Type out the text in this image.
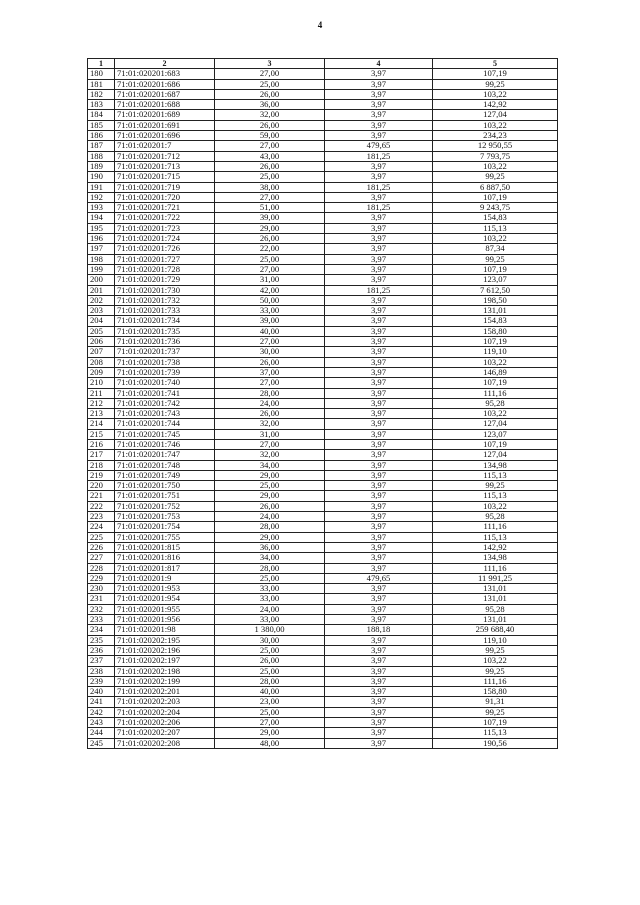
4
1	2	3	4	5
180	71:01:020201:683	27,00	3,97	107,19
181	71:01:020201:686	25,00	3,97	99,25
182	71:01:020201:687	26,00	3,97	103,22
183	71:01:020201:688	36,00	3,97	142,92
184	71:01:020201:689	32,00	3,97	127,04
185	71:01:020201:691	26,00	3,97	103,22
186	71:01:020201:696	59,00	3,97	234,23
187	71:01:020201:7	27,00	479,65	12 950,55
188	71:01:020201:712	43,00	181,25	7 793,75
189	71:01:020201:713	26,00	3,97	103,22
190	71:01:020201:715	25,00	3,97	99,25
191	71:01:020201:719	38,00	181,25	6 887,50
192	71:01:020201:720	27,00	3,97	107,19
193	71:01:020201:721	51,00	181,25	9 243,75
194	71:01:020201:722	39,00	3,97	154,83
195	71:01:020201:723	29,00	3,97	115,13
196	71:01:020201:724	26,00	3,97	103,22
197	71:01:020201:726	22,00	3,97	87,34
198	71:01:020201:727	25,00	3,97	99,25
199	71:01:020201:728	27,00	3,97	107,19
200	71:01:020201:729	31,00	3,97	123,07
201	71:01:020201:730	42,00	181,25	7 612,50
202	71:01:020201:732	50,00	3,97	198,50
203	71:01:020201:733	33,00	3,97	131,01
204	71:01:020201:734	39,00	3,97	154,83
205	71:01:020201:735	40,00	3,97	158,80
206	71:01:020201:736	27,00	3,97	107,19
207	71:01:020201:737	30,00	3,97	119,10
208	71:01:020201:738	26,00	3,97	103,22
209	71:01:020201:739	37,00	3,97	146,89
210	71:01:020201:740	27,00	3,97	107,19
211	71:01:020201:741	28,00	3,97	111,16
212	71:01:020201:742	24,00	3,97	95,28
213	71:01:020201:743	26,00	3,97	103,22
214	71:01:020201:744	32,00	3,97	127,04
215	71:01:020201:745	31,00	3,97	123,07
216	71:01:020201:746	27,00	3,97	107,19
217	71:01:020201:747	32,00	3,97	127,04
218	71:01:020201:748	34,00	3,97	134,98
219	71:01:020201:749	29,00	3,97	115,13
220	71:01:020201:750	25,00	3,97	99,25
221	71:01:020201:751	29,00	3,97	115,13
222	71:01:020201:752	26,00	3,97	103,22
223	71:01:020201:753	24,00	3,97	95,28
224	71:01:020201:754	28,00	3,97	111,16
225	71:01:020201:755	29,00	3,97	115,13
226	71:01:020201:815	36,00	3,97	142,92
227	71:01:020201:816	34,00	3,97	134,98
228	71:01:020201:817	28,00	3,97	111,16
229	71:01:020201:9	25,00	479,65	11 991,25
230	71:01:020201:953	33,00	3,97	131,01
231	71:01:020201:954	33,00	3,97	131,01
232	71:01:020201:955	24,00	3,97	95,28
233	71:01:020201:956	33,00	3,97	131,01
234	71:01:020201:98	1 380,00	188,18	259 688,40
235	71:01:020202:195	30,00	3,97	119,10
236	71:01:020202:196	25,00	3,97	99,25
237	71:01:020202:197	26,00	3,97	103,22
238	71:01:020202:198	25,00	3,97	99,25
239	71:01:020202:199	28,00	3,97	111,16
240	71:01:020202:201	40,00	3,97	158,80
241	71:01:020202:203	23,00	3,97	91,31
242	71:01:020202:204	25,00	3,97	99,25
243	71:01:020202:206	27,00	3,97	107,19
244	71:01:020202:207	29,00	3,97	115,13
245	71:01:020202:208	48,00	3,97	190,56
